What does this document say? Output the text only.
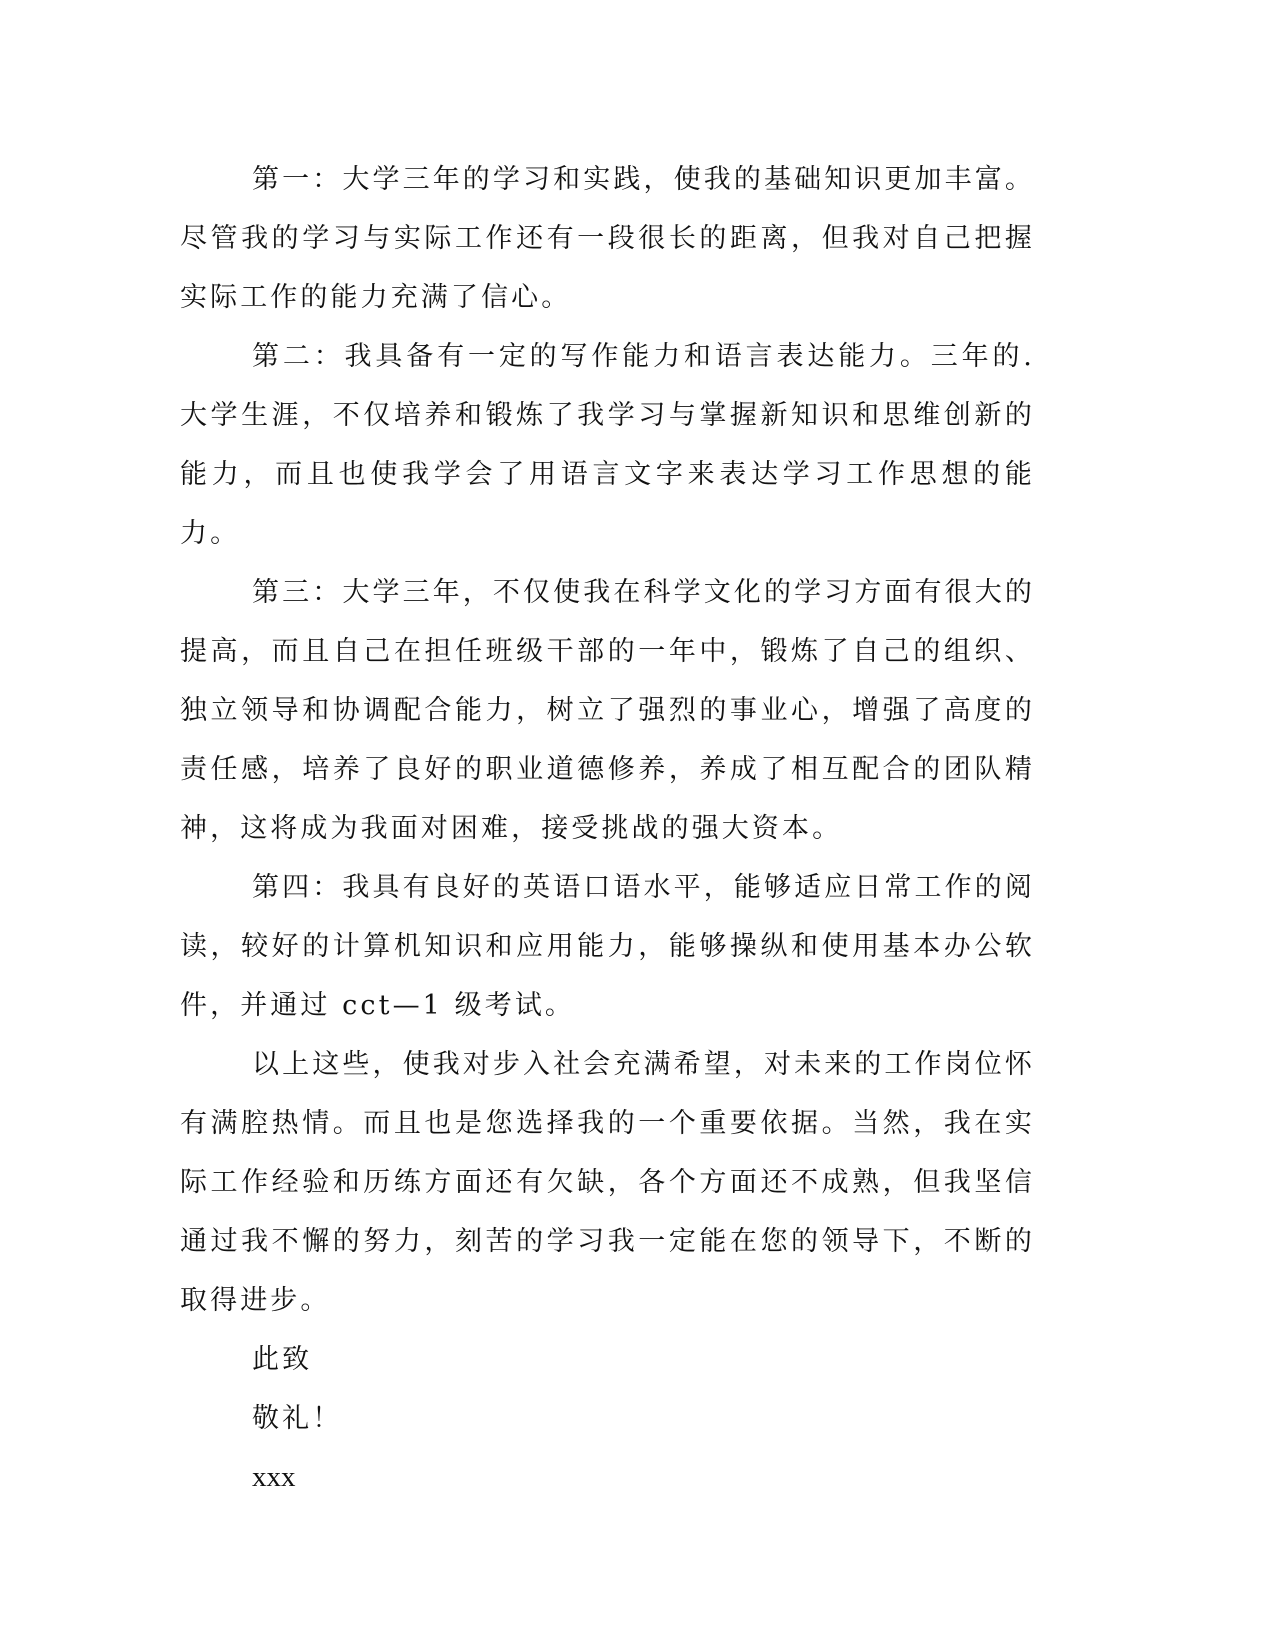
第一：大学三年的学习和实践，使我的基础知识更加丰富。尽管我的学习与实际工作还有一段很长的距离，但我对自己把握实际工作的能力充满了信心。

第二：我具备有一定的写作能力和语言表达能力。三年的.大学生涯，不仅培养和锻炼了我学习与掌握新知识和思维创新的能力，而且也使我学会了用语言文字来表达学习工作思想的能力。

第三：大学三年，不仅使我在科学文化的学习方面有很大的提高，而且自己在担任班级干部的一年中，锻炼了自己的组织、独立领导和协调配合能力，树立了强烈的事业心，增强了高度的责任感，培养了良好的职业道德修养，养成了相互配合的团队精神，这将成为我面对困难，接受挑战的强大资本。

第四：我具有良好的英语口语水平，能够适应日常工作的阅读，较好的计算机知识和应用能力，能够操纵和使用基本办公软件，并通过 cct—1 级考试。

以上这些，使我对步入社会充满希望，对未来的工作岗位怀有满腔热情。而且也是您选择我的一个重要依据。当然，我在实际工作经验和历练方面还有欠缺，各个方面还不成熟，但我坚信通过我不懈的努力，刻苦的学习我一定能在您的领导下，不断的取得进步。

此致

敬礼！

xxx
